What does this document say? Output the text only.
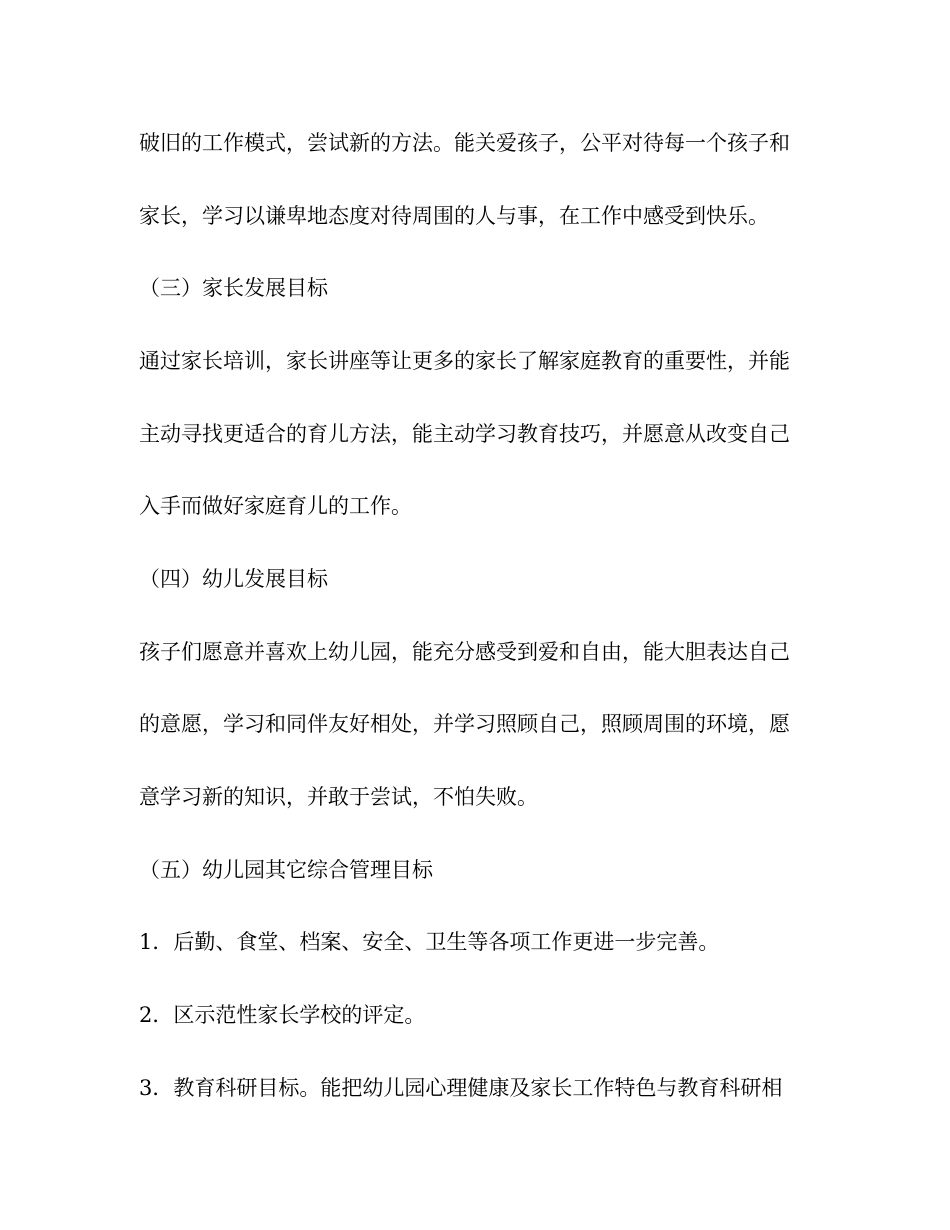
破旧的工作模式，尝试新的方法。能关爱孩子，公平对待每一个孩子和

家长，学习以谦卑地态度对待周围的人与事，在工作中感受到快乐。

（三）家长发展目标

通过家长培训，家长讲座等让更多的家长了解家庭教育的重要性，并能

主动寻找更适合的育儿方法，能主动学习教育技巧，并愿意从改变自己

入手而做好家庭育儿的工作。

（四）幼儿发展目标

孩子们愿意并喜欢上幼儿园，能充分感受到爱和自由，能大胆表达自己

的意愿，学习和同伴友好相处，并学习照顾自己，照顾周围的环境，愿

意学习新的知识，并敢于尝试，不怕失败。

（五）幼儿园其它综合管理目标

1．后勤、食堂、档案、安全、卫生等各项工作更进一步完善。

2．区示范性家长学校的评定。

3．教育科研目标。能把幼儿园心理健康及家长工作特色与教育科研相
